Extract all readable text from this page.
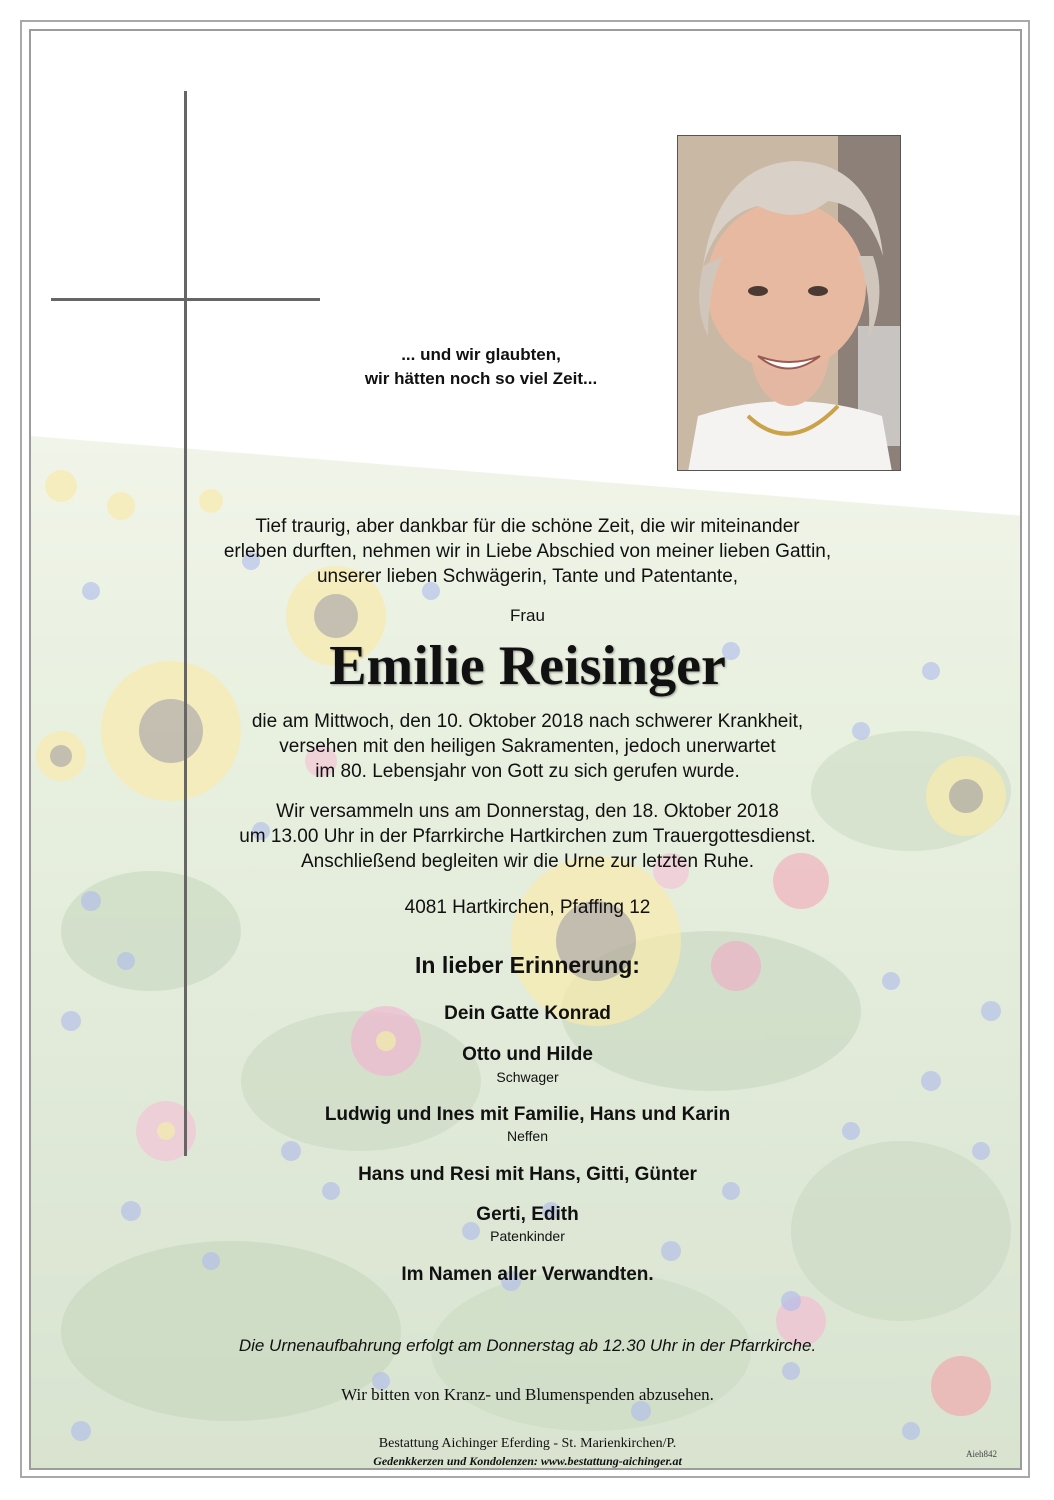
... und wir glaubten,
wir hätten noch so viel Zeit...
Tief traurig, aber dankbar für die schöne Zeit, die wir miteinander
erleben durften, nehmen wir in Liebe Abschied von meiner lieben Gattin,
unserer lieben Schwägerin, Tante und Patentante,
Frau
Emilie Reisinger
die am Mittwoch, den 10. Oktober 2018 nach schwerer Krankheit,
versehen mit den heiligen Sakramenten, jedoch unerwartet
im 80. Lebensjahr von Gott zu sich gerufen wurde.
Wir versammeln uns am Donnerstag, den 18. Oktober 2018
um 13.00 Uhr in der Pfarrkirche Hartkirchen zum Trauergottesdienst.
Anschließend begleiten wir die Urne zur letzten Ruhe.
4081 Hartkirchen, Pfaffing 12
In lieber Erinnerung:
Dein Gatte Konrad
Otto und Hilde
Schwager
Ludwig und Ines mit Familie, Hans und Karin
Neffen
Hans und Resi mit Hans, Gitti, Günter
Gerti, Edith
Patenkinder
Im Namen aller Verwandten.
Die Urnenaufbahrung erfolgt am Donnerstag ab 12.30 Uhr in der Pfarrkirche.
Wir bitten von Kranz- und Blumenspenden abzusehen.
Bestattung Aichinger Eferding - St. Marienkirchen/P.
Gedenkkerzen und Kondolenzen: www.bestattung-aichinger.at	Aieh842
